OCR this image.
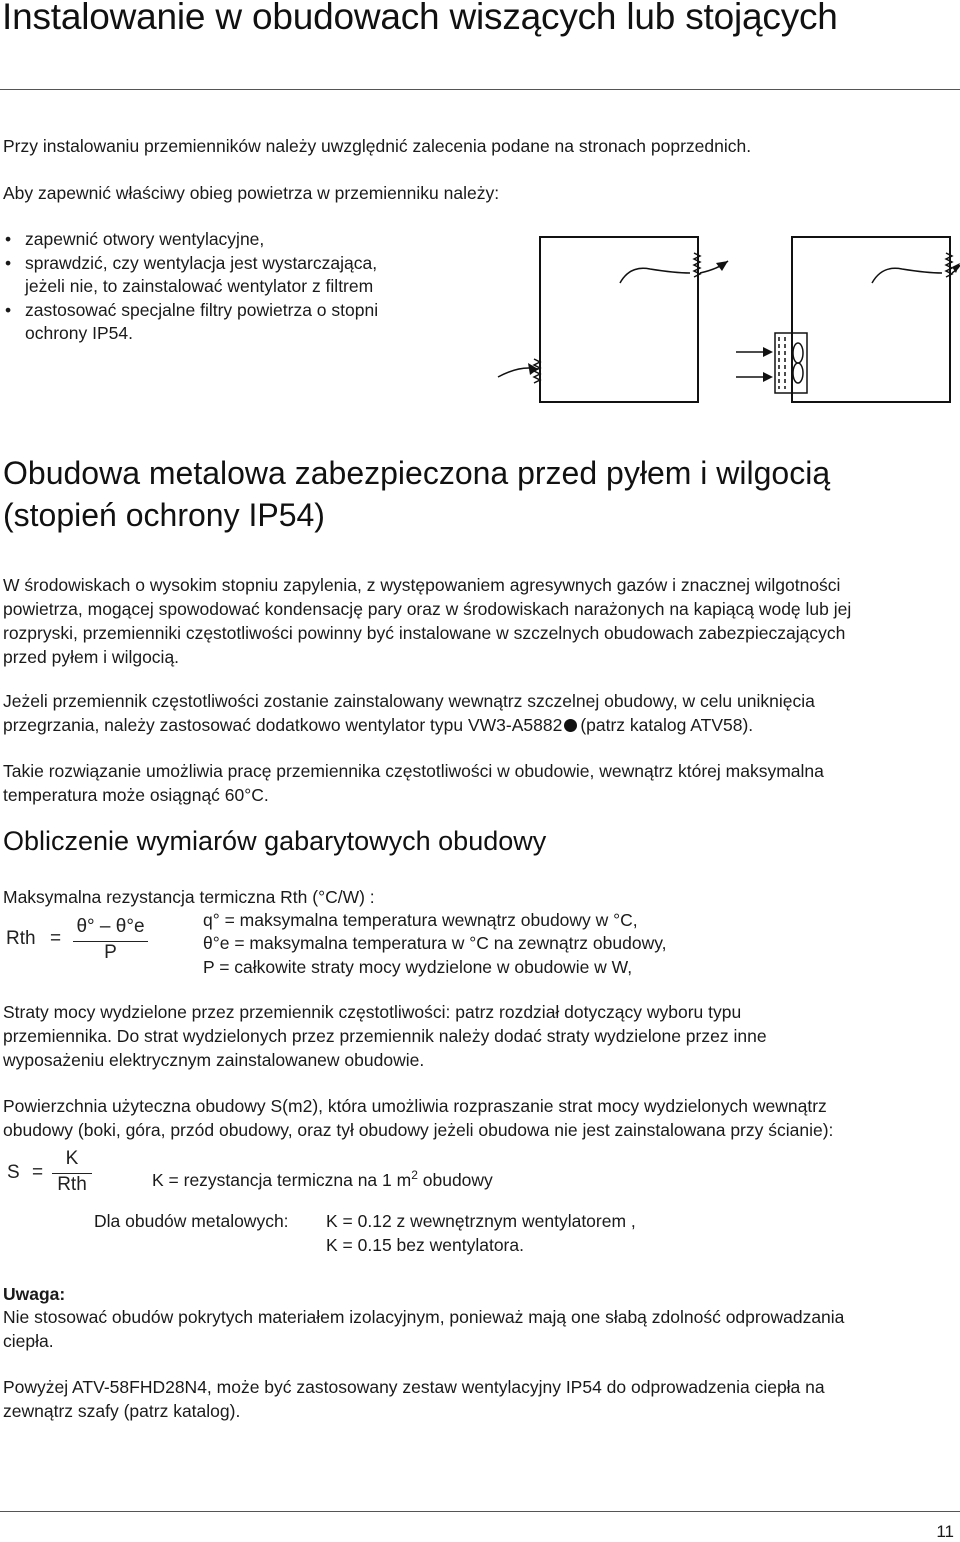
Instalowanie w obudowach wiszących lub stojących

Przy instalowaniu przemienników należy uwzględnić zalecenia podane na stronach poprzednich.

Aby zapewnić właściwy obieg powietrza w przemienniku należy:

• zapewnić otwory wentylacyjne,
• sprawdzić, czy wentylacja jest wystarczająca,
jeżeli nie, to zainstalować wentylator z filtrem
• zastosować specjalne filtry powietrza o stopni
ochrony IP54.
Obudowa metalowa zabezpieczona przed pyłem i wilgocią
(stopień ochrony IP54)

W środowiskach o wysokim stopniu zapylenia, z występowaniem agresywnych gazów i znacznej wilgotności

powietrza, mogącej spowodować kondensację pary oraz w środowiskach narażonych na kapiącą wodę lub jej

rozpryski, przemienniki częstotliwości powinny być instalowane w szczelnych obudowach zabezpieczających

przed pyłem i wilgocią.

Jeżeli przemiennik częstotliwości zostanie zainstalowany wewnątrz szczelnej obudowy, w celu uniknięcia

przegrzania, należy zastosować dodatkowo wentylator typu VW3-A5882 (patrz katalog ATV58).

Takie rozwiązanie umożliwia pracę przemiennika częstotliwości w obudowie, wewnątrz której maksymalna

temperatura może osiągnąć 60°C.

Obliczenie wymiarów gabarytowych obudowy

Maksymalna rezystancja termiczna Rth (°C/W) :

Rth =
θ° – θ°e
P

q° = maksymalna temperatura wewnątrz obudowy w °C,

θ°e = maksymalna temperatura w °C na zewnątrz obudowy,

P = całkowite straty mocy wydzielone w obudowie w W,

Straty mocy wydzielone przez przemiennik częstotliwości: patrz rozdział dotyczący wyboru typu

przemiennika. Do strat wydzielonych przez przemiennik należy dodać straty wydzielone przez inne

wyposażeniu elektrycznym zainstalowanew obudowie.

Powierzchnia użyteczna obudowy S(m2), która umożliwia rozpraszanie strat mocy wydzielonych wewnątrz

obudowy (boki, góra, przód obudowy, oraz tył obudowy jeżeli obudowa nie jest zainstalowana przy ścianie):

S =
K
Rth	K = rezystancja termiczna na 1 $m^2$ obudowy

Dla obudów metalowych: K = 0.12 z wewnętrznym wentylatorem ,

K = 0.15 bez wentylatora.

Uwaga:

Nie stosować obudów pokrytych materiałem izolacyjnym, ponieważ mają one słabą zdolność odprowadzania

ciepła.

Powyżej ATV-58FHD28N4, może być zastosowany zestaw wentylacyjny IP54 do odprowadzenia ciepła na

zewnątrz szafy (patrz katalog).

11
